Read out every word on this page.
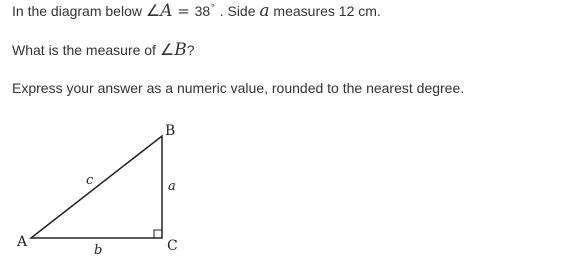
In the diagram below ∠A = 38∘ . Side a measures 12 cm.
What is the measure of ∠B?
Express your answer as a numeric value, rounded to the nearest degree.
A
B
C
a
b
c
